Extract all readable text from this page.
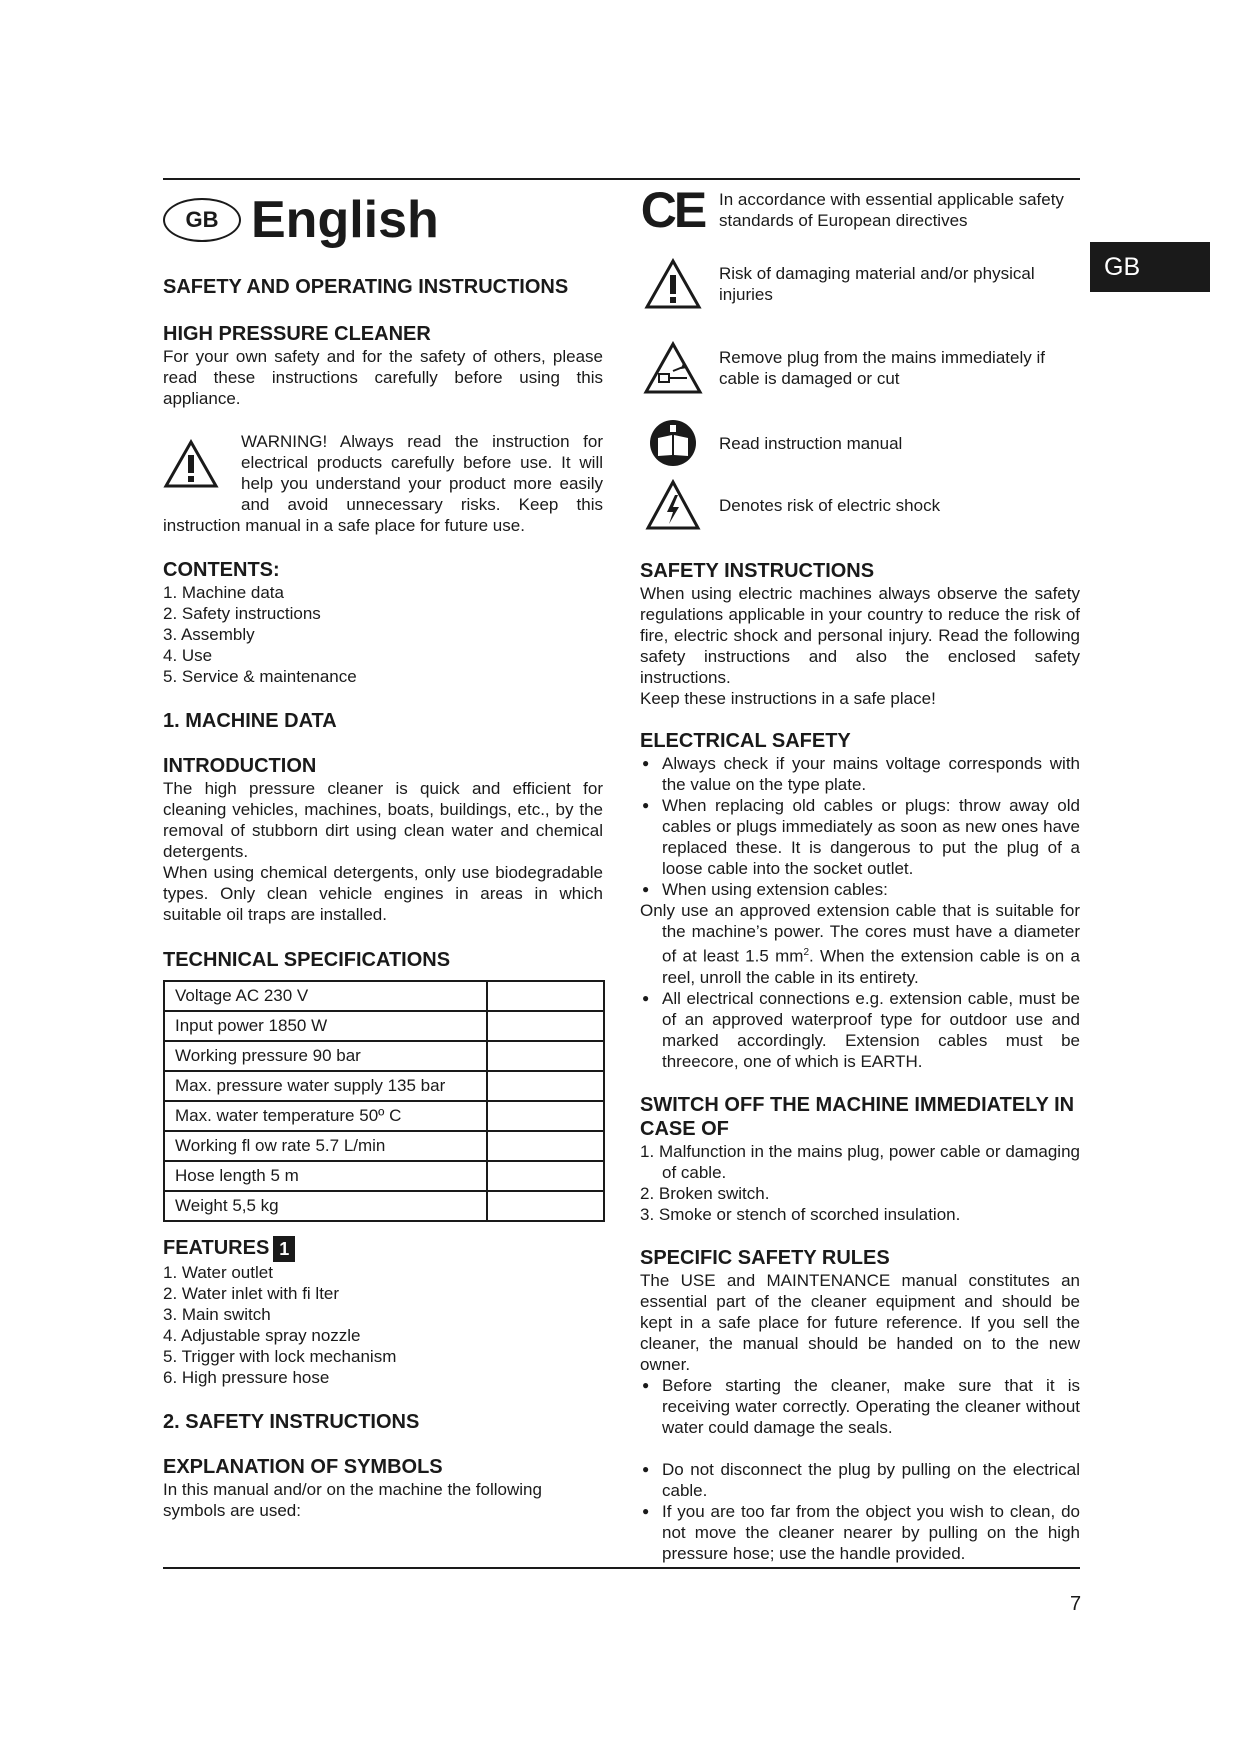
GB
GB English

SAFETY AND OPERATING INSTRUCTIONS

HIGH PRESSURE CLEANER

For your own safety and for the safety of others, please read these instructions carefully before using this appliance.

WARNING! Always read the instruction for electrical products carefully before use. It will help you understand your product more easily and avoid unnecessary risks. Keep this instruction manual in a safe place for future use.

CONTENTS:

1. Machine data
2. Safety instructions
3. Assembly
4. Use
5. Service & maintenance

1. MACHINE DATA

INTRODUCTION

The high pressure cleaner is quick and efficient for cleaning vehicles, machines, boats, buildings, etc., by the removal of stubborn dirt using clean water and chemical detergents.

When using chemical detergents, only use biodegradable types. Only clean vehicle engines in areas in which suitable oil traps are installed.

TECHNICAL SPECIFICATIONS

Voltage AC 230 V	
Input power 1850 W	
Working pressure 90 bar	
Max. pressure water supply 135 bar	
Max. water temperature 50º C	
Working fl ow rate 5.7 L/min	
Hose length 5 m	
Weight 5,5 kg	

FEATURES 1

1. Water outlet
2. Water inlet with fi lter
3. Main switch
4. Adjustable spray nozzle
5. Trigger with lock mechanism
6. High pressure hose

2. SAFETY INSTRUCTIONS

EXPLANATION OF SYMBOLS

In this manual and/or on the machine the following symbols are used:

CE In accordance with essential applicable safety standards of European directives

Risk of damaging material and/or physical injuries

Remove plug from the mains immediately if cable is damaged or cut

Read instruction manual

Denotes risk of electric shock

SAFETY INSTRUCTIONS

When using electric machines always observe the safety regulations applicable in your country to reduce the risk of fire, electric shock and personal injury. Read the following safety instructions and also the enclosed safety instructions.

Keep these instructions in a safe place!

ELECTRICAL SAFETY

● Always check if your mains voltage corresponds with the value on the type plate.
● When replacing old cables or plugs: throw away old cables or plugs immediately as soon as new ones have replaced these. It is dangerous to put the plug of a loose cable into the socket outlet.
● When using extension cables:

Only use an approved extension cable that is suitable for the machine’s power. The cores must have a diameter of at least 1.5 $mm^2$. When the extension cable is on a reel, unroll the cable in its entirety.

● All electrical connections e.g. extension cable, must be of an approved waterproof type for outdoor use and marked accordingly. Extension cables must be threecore, one of which is EARTH.

SWITCH OFF THE MACHINE IMMEDIATELY IN CASE OF

1. Malfunction in the mains plug, power cable or damaging of cable.
2. Broken switch.
3. Smoke or stench of scorched insulation.

SPECIFIC SAFETY RULES

The USE and MAINTENANCE manual constitutes an essential part of the cleaner equipment and should be kept in a safe place for future reference. If you sell the cleaner, the manual should be handed on to the new owner.

● Before starting the cleaner, make sure that it is receiving water correctly. Operating the cleaner without water could damage the seals.
● Do not disconnect the plug by pulling on the electrical cable.
● If you are too far from the object you wish to clean, do not move the cleaner nearer by pulling on the high pressure hose; use the handle provided.
7
